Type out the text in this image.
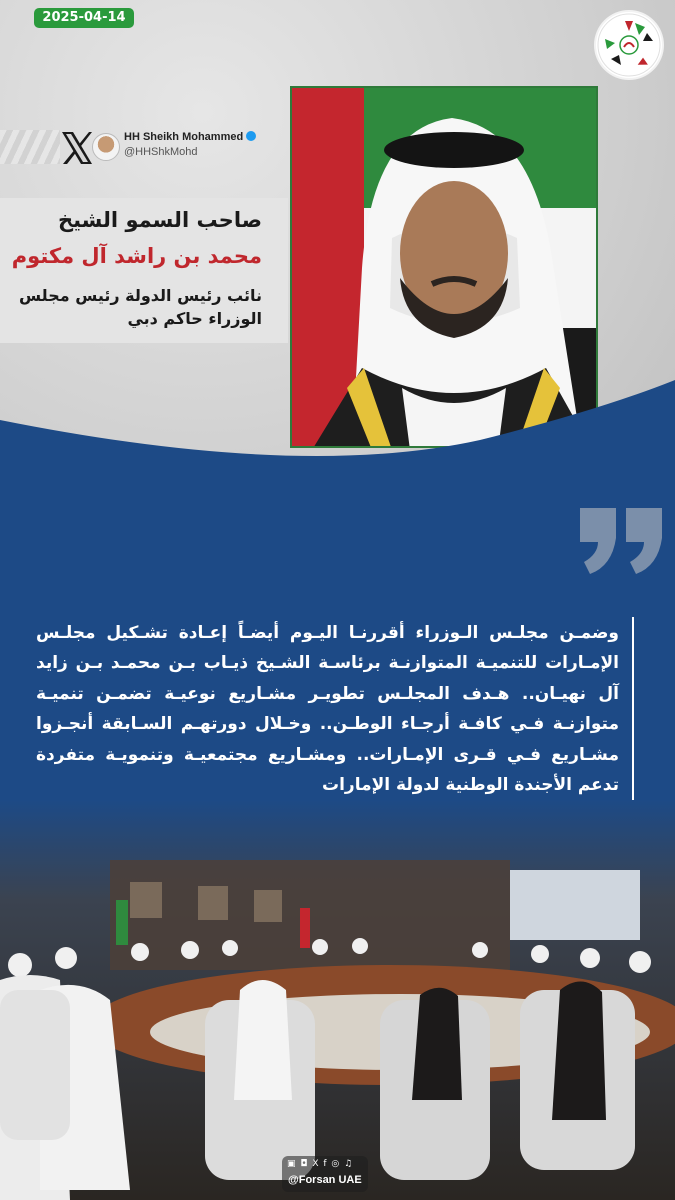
2025-04-14
HH Sheikh Mohammed
@HHShkMohd
صاحب السمو الشيخ
محمد بن راشد آل مكتوم
نائب رئيس الدولة رئيس مجلس الوزراء حاكم دبي
وضمـن مجلـس الـوزراء أقررنـا اليـوم أيضـاً إعـادة تشـكيل مجلـس الإمـارات للتنميـة المتوازنـة برئاسـة الشـيخ ذيـاب بـن محمـد بـن زايد آل نهيـان.. هـدف المجلـس تطويـر مشـاريع نوعيـة تضمـن تنميـة متوازنـة فـي كافـة أرجـاء الوطـن.. وخـلال دورتهـم السـابقة أنجـزوا مشـاريع فـي قـرى الإمـارات.. ومشـاريع مجتمعيـة وتنمويـة متفردة تدعم الأجندة الوطنية لدولة الإمارات
▣ ◘ X f ◎ ♫
@Forsan UAE
